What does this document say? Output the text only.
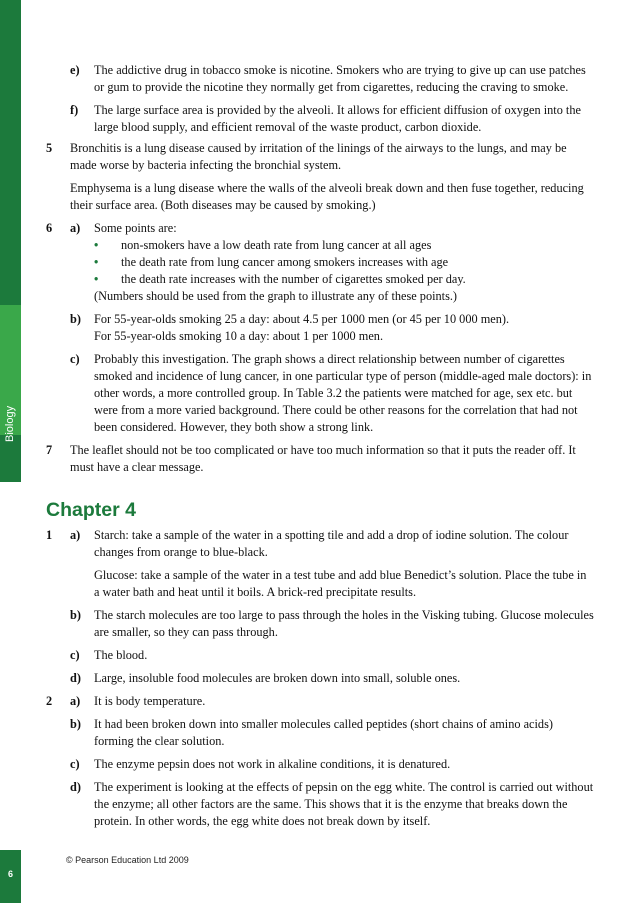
Biology
e)	The addictive drug in tobacco smoke is nicotine. Smokers who are trying to give up can use patches or gum to provide the nicotine they normally get from cigarettes, reducing the craving to smoke.

f)	The large surface area is provided by the alveoli. It allows for efficient diffusion of oxygen into the large blood supply, and efficient removal of the waste product, carbon dioxide.

5	Bronchitis is a lung disease caused by irritation of the linings of the airways to the lungs, and may be made worse by bacteria infecting the bronchial system.

Emphysema is a lung disease where the walls of the alveoli break down and then fuse together, reducing their surface area. (Both diseases may be caused by smoking.)

6 a)	Some points are:

• non-smokers have a low death rate from lung cancer at all ages
• the death rate from lung cancer among smokers increases with age
• the death rate increases with the number of cigarettes smoked per day.

(Numbers should be used from the graph to illustrate any of these points.)

b)	For 55-year-olds smoking 25 a day: about 4.5 per 1000 men (or 45 per 10 000 men).

For 55-year-olds smoking 10 a day: about 1 per 1000 men.

c)	Probably this investigation. The graph shows a direct relationship between number of cigarettes smoked and incidence of lung cancer, in one particular type of person (middle-aged male doctors): in other words, a more controlled group. In Table 3.2 the patients were matched for age, sex etc. but were from a more varied background. There could be other reasons for the correlation that had not been considered. However, they both show a strong link.

7	The leaflet should not be too complicated or have too much information so that it puts the reader off. It must have a clear message.

Chapter 4
1 a)	Starch: take a sample of the water in a spotting tile and add a drop of iodine solution. The colour changes from orange to blue-black.

Glucose: take a sample of the water in a test tube and add blue Benedict’s solution. Place the tube in a water bath and heat until it boils. A brick-red precipitate results.

b)	The starch molecules are too large to pass through the holes in the Visking tubing. Glucose molecules are smaller, so they can pass through.

c)	The blood.

d)	Large, insoluble food molecules are broken down into small, soluble ones.

2 a)	It is body temperature.

b)	It had been broken down into smaller molecules called peptides (short chains of amino acids) forming the clear solution.

c)	The enzyme pepsin does not work in alkaline conditions, it is denatured.

d)	The experiment is looking at the effects of pepsin on the egg white. The control is carried out without the enzyme; all other factors are the same. This shows that it is the enzyme that breaks down the protein. In other words, the egg white does not break down by itself.

© Pearson Education Ltd 2009
6
